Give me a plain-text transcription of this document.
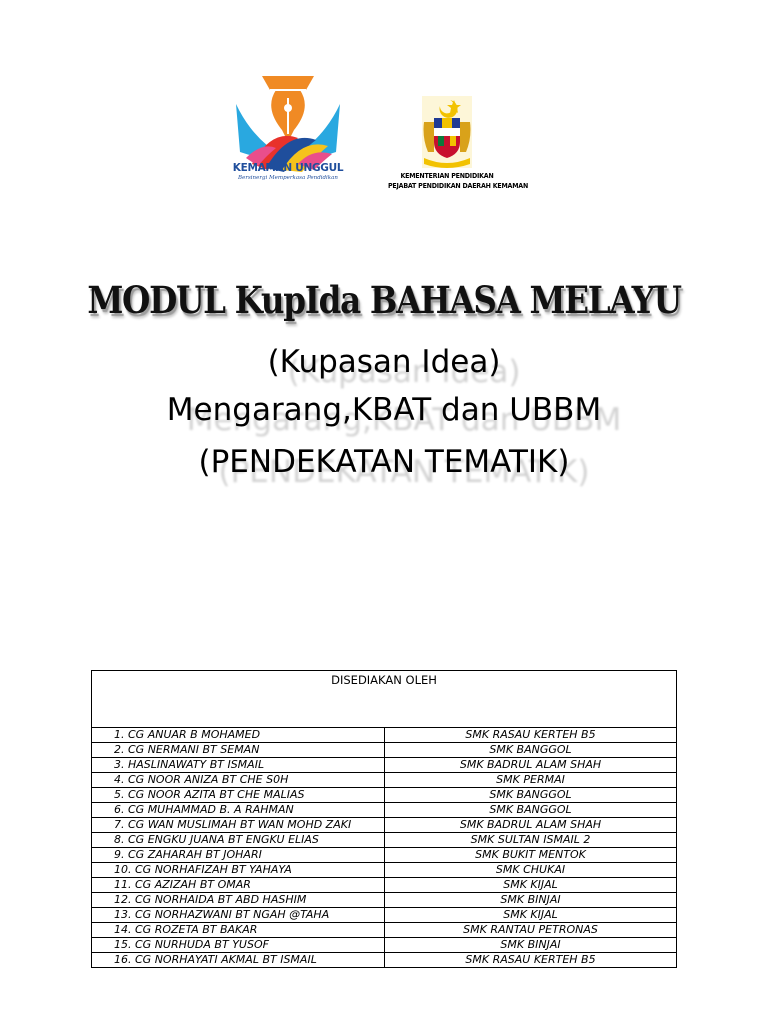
KEMAMAN UNGGUL
Bersinergi Memperkasa Pendidikan	KEMENTERIAN PENDIDIKAN
PEJABAT PENDIDIKAN DAERAH KEMAMAN
MODUL KupIda BAHASA MELAYU
(Kupasan Idea)
Mengarang,KBAT dan UBBM
(PENDEKATAN TEMATIK)
DISEDIAKAN OLEH	
1. CG ANUAR B MOHAMED	SMK RASAU KERTEH B5
2. CG NERMANI BT SEMAN	SMK BANGGOL
3. HASLINAWATY BT ISMAIL	SMK BADRUL ALAM SHAH
4. CG NOOR ANIZA BT CHE S0H	SMK PERMAI
5. CG NOOR AZITA BT CHE MALIAS	SMK BANGGOL
6. CG MUHAMMAD B. A RAHMAN	SMK BANGGOL
7. CG WAN MUSLIMAH BT WAN MOHD ZAKI	SMK BADRUL ALAM SHAH
8. CG ENGKU JUANA BT ENGKU ELIAS	SMK SULTAN ISMAIL 2
9. CG ZAHARAH BT JOHARI	SMK BUKIT MENTOK
10. CG NORHAFIZAH BT YAHAYA	SMK CHUKAI
11. CG AZIZAH BT OMAR	SMK KIJAL
12. CG NORHAIDA BT ABD HASHIM	SMK BINJAI
13. CG NORHAZWANI BT NGAH @TAHA	SMK KIJAL
14. CG ROZETA BT BAKAR	SMK RANTAU PETRONAS
15. CG NURHUDA BT YUSOF	SMK BINJAI
16. CG NORHAYATI AKMAL BT ISMAIL	SMK RASAU KERTEH B5
